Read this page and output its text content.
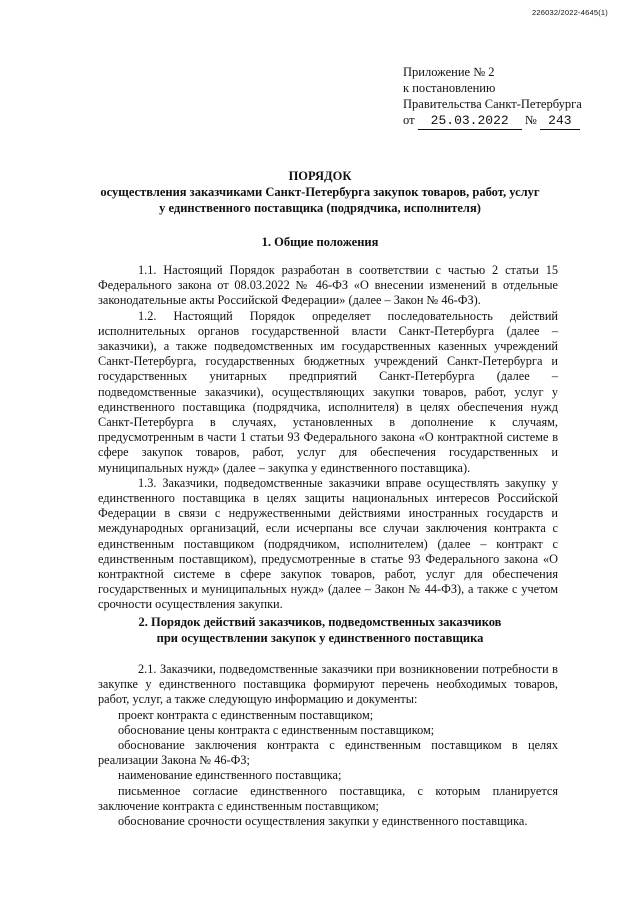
226032/2022-4645(1)
Приложение № 2
к постановлению
Правительства Санкт-Петербурга
от 25.03.2022 № 243
ПОРЯДОК
осуществления заказчиками Санкт-Петербурга закупок товаров, работ, услуг
у единственного поставщика (подрядчика, исполнителя)
1. Общие положения

1.1. Настоящий Порядок разработан в соответствии с частью 2 статьи 15 Федерального закона от 08.03.2022 № 46-ФЗ «О внесении изменений в отдельные законодательные акты Российской Федерации» (далее – Закон № 46-ФЗ).

1.2. Настоящий Порядок определяет последовательность действий исполнительных органов государственной власти Санкт-Петербурга (далее – заказчики), а также подведомственных им государственных казенных учреждений Санкт-Петербурга, государственных бюджетных учреждений Санкт-Петербурга и государственных унитарных предприятий Санкт-Петербурга (далее – подведомственные заказчики), осуществляющих закупки товаров, работ, услуг у единственного поставщика (подрядчика, исполнителя) в целях обеспечения нужд Санкт-Петербурга в случаях, установленных в дополнение к случаям, предусмотренным в части 1 статьи 93 Федерального закона «О контрактной системе в сфере закупок товаров, работ, услуг для обеспечения государственных и муниципальных нужд» (далее – закупка у единственного поставщика).

1.3. Заказчики, подведомственные заказчики вправе осуществлять закупку у единственного поставщика в целях защиты национальных интересов Российской Федерации в связи с недружественными действиями иностранных государств и международных организаций, если исчерпаны все случаи заключения контракта с единственным поставщиком (подрядчиком, исполнителем) (далее – контракт с единственным поставщиком), предусмотренные в статье 93 Федерального закона «О контрактной системе в сфере закупок товаров, работ, услуг для обеспечения государственных и муниципальных нужд» (далее – Закон № 44-ФЗ), а также с учетом срочности осуществления закупки.

2. Порядок действий заказчиков, подведомственных заказчиков
при осуществлении закупок у единственного поставщика

2.1. Заказчики, подведомственные заказчики при возникновении потребности в закупке у единственного поставщика формируют перечень необходимых товаров, работ, услуг, а также следующую информацию и документы:

проект контракта с единственным поставщиком;

обоснование цены контракта с единственным поставщиком;

обоснование заключения контракта с единственным поставщиком в целях реализации Закона № 46-ФЗ;

наименование единственного поставщика;

письменное согласие единственного поставщика, с которым планируется заключение контракта с единственным поставщиком;

обоснование срочности осуществления закупки у единственного поставщика.
